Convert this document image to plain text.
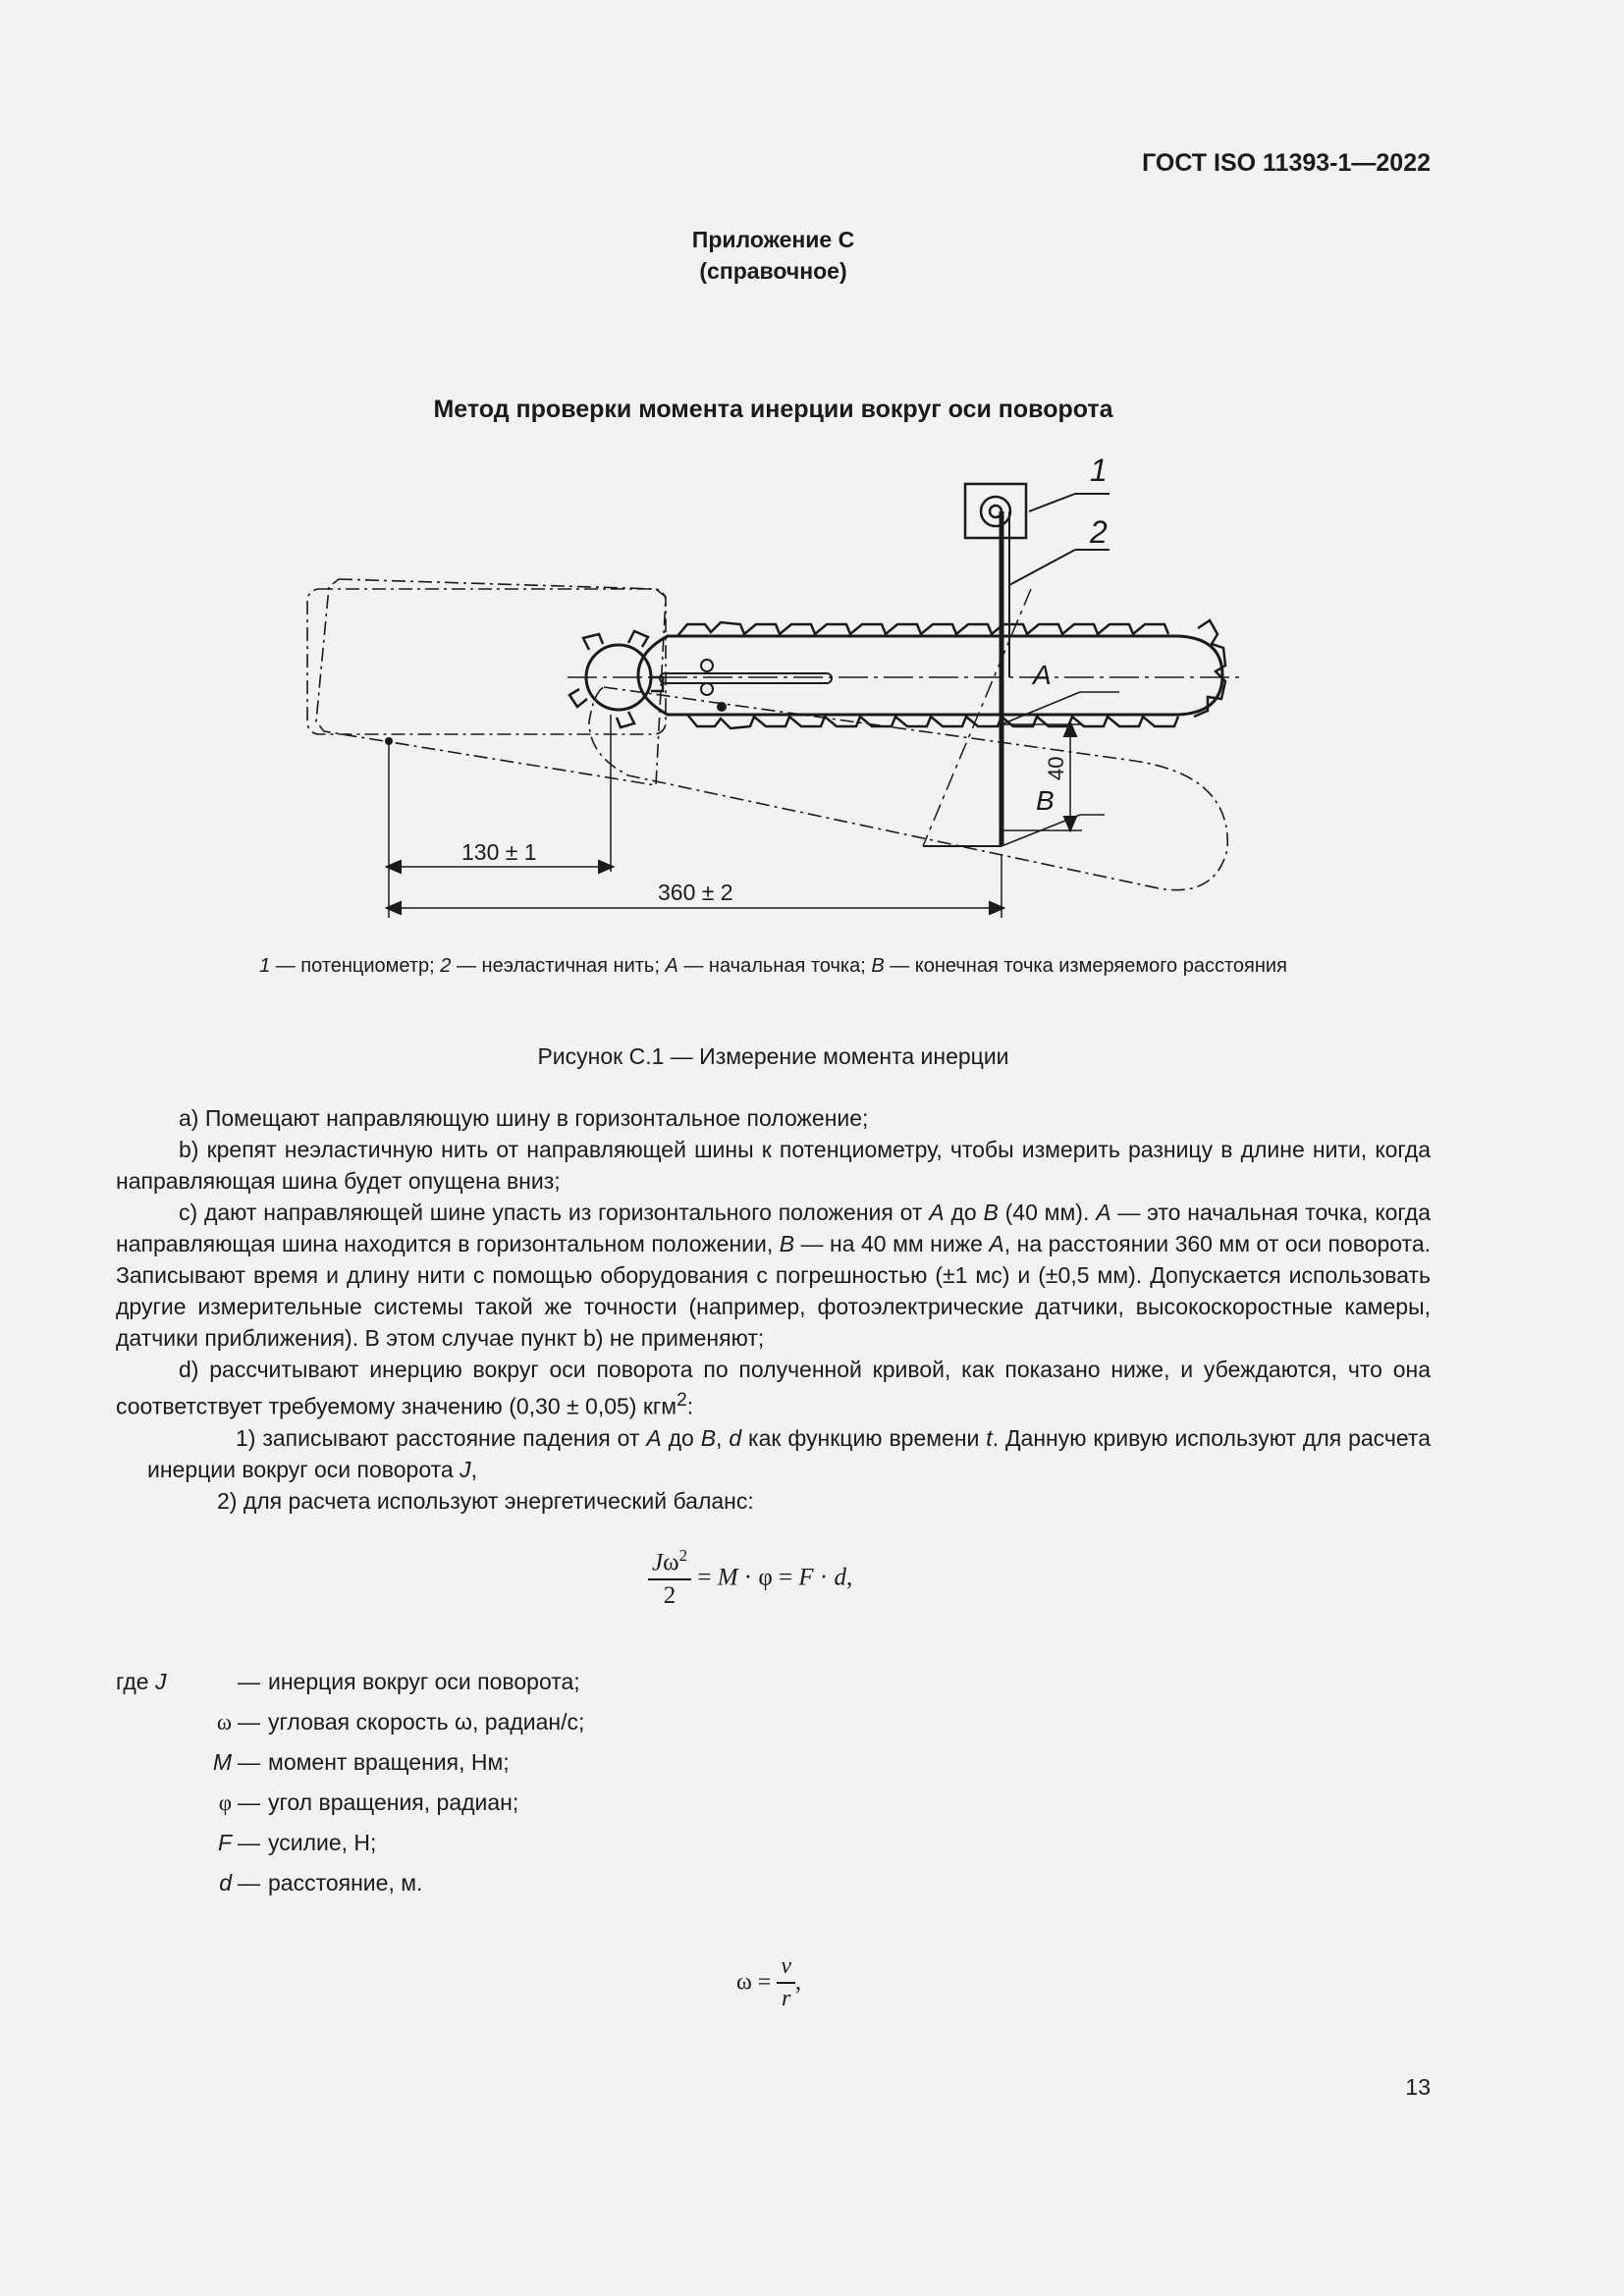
ГОСТ ISO 11393-1—2022
Приложение С
(справочное)
Метод проверки момента инерции вокруг оси поворота
1
2
A
B
40
130 ± 1
360 ± 2
1 — потенциометр; 2 — неэластичная нить; A — начальная точка; B — конечная точка измеряемого расстояния
Рисунок С.1 — Измерение момента инерции

a) Помещают направляющую шину в горизонтальное положение;

b) крепят неэластичную нить от направляющей шины к потенциометру, чтобы измерить разницу в длине нити, когда направляющая шина будет опущена вниз;

c) дают направляющей шине упасть из горизонтального положения от A до B (40 мм). A — это начальная точка, когда направляющая шина находится в горизонтальном положении, B — на 40 мм ниже A, на расстоянии 360 мм от оси поворота. Записывают время и длину нити с помощью оборудования с погрешностью (±1 мс) и (±0,5 мм). Допускается использовать другие измерительные системы такой же точности (например, фотоэлектрические датчики, высокоскоростные камеры, датчики приближения). В этом случае пункт b) не применяют;

d) рассчитывают инерцию вокруг оси поворота по полученной кривой, как показано ниже, и убеждаются, что она соответствует требуемому значению (0,30 ± 0,05) кгм$^2$:

1) записывают расстояние падения от A до B, d как функцию времени t. Данную кривую используют для расчета инерции вокруг оси поворота J,

2) для расчета используют энергетический баланс:

$\frac{J\omega^2}{2} = M \cdot \varphi = F \cdot d$,
где J	—	инерция вокруг оси поворота;
ω	—	угловая скорость ω, радиан/с;
M	—	момент вращения, Нм;
φ	—	угол вращения, радиан;
F	—	усилие, Н;
d	—	расстояние, м.
$\omega = \frac{v}{r}$ ,
13
